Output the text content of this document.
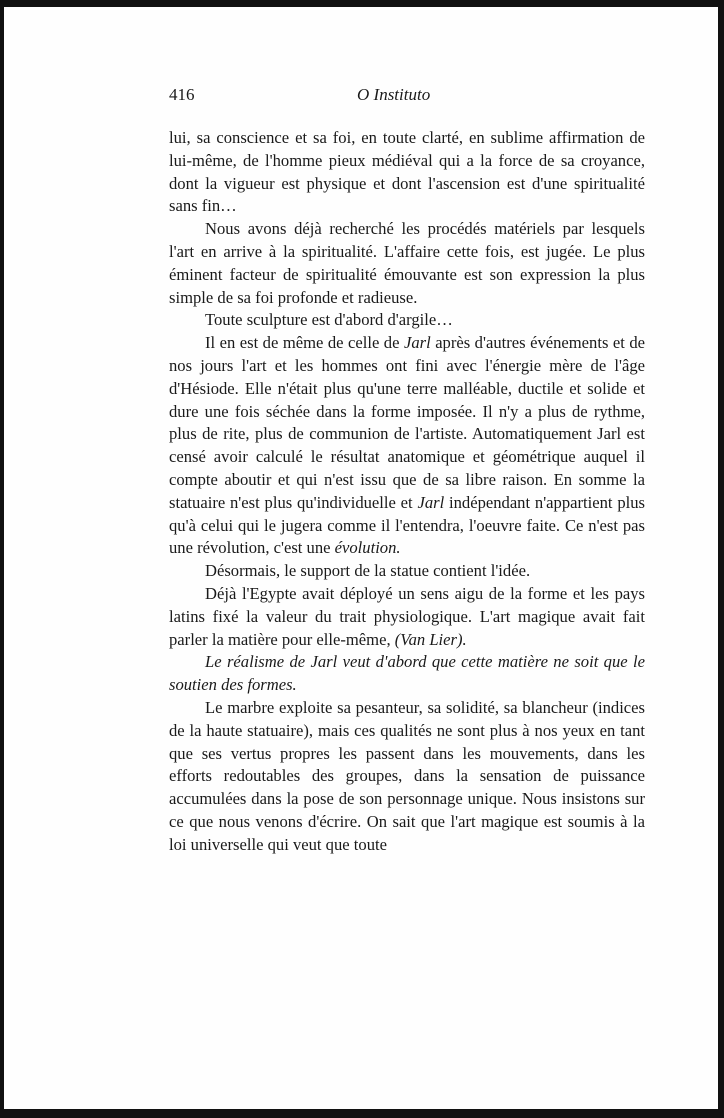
416	O Instituto

lui, sa conscience et sa foi, en toute clarté, en sublime affirmation de lui-même, de l'homme pieux médiéval qui a la force de sa croyance, dont la vigueur est physique et dont l'ascension est d'une spiritualité sans fin…

Nous avons déjà recherché les procédés matériels par lesquels l'art en arrive à la spiritualité. L'affaire cette fois, est jugée. Le plus éminent facteur de spiritualité émouvante est son expression la plus simple de sa foi profonde et radieuse.

Toute sculpture est d'abord d'argile…

Il en est de même de celle de Jarl après d'autres événements et de nos jours l'art et les hommes ont fini avec l'énergie mère de l'âge d'Hésiode. Elle n'était plus qu'une terre malléable, ductile et solide et dure une fois séchée dans la forme imposée. Il n'y a plus de rythme, plus de rite, plus de communion de l'artiste. Automatiquement Jarl est censé avoir calculé le résultat anatomique et géométrique auquel il compte aboutir et qui n'est issu que de sa libre raison. En somme la statuaire n'est plus qu'individuelle et Jarl indépendant n'appartient plus qu'à celui qui le jugera comme il l'entendra, l'oeuvre faite. Ce n'est pas une révolution, c'est une évolution.

Désormais, le support de la statue contient l'idée.

Déjà l'Egypte avait déployé un sens aigu de la forme et les pays latins fixé la valeur du trait physiologique. L'art magique avait fait parler la matière pour elle-même, (Van Lier).

Le réalisme de Jarl veut d'abord que cette matière ne soit que le soutien des formes.

Le marbre exploite sa pesanteur, sa solidité, sa blancheur (indices de la haute statuaire), mais ces qualités ne sont plus à nos yeux en tant que ses vertus propres les passent dans les mouvements, dans les efforts redoutables des groupes, dans la sensation de puissance accumulées dans la pose de son personnage unique. Nous insistons sur ce que nous venons d'écrire. On sait que l'art magique est soumis à la loi universelle qui veut que toute
